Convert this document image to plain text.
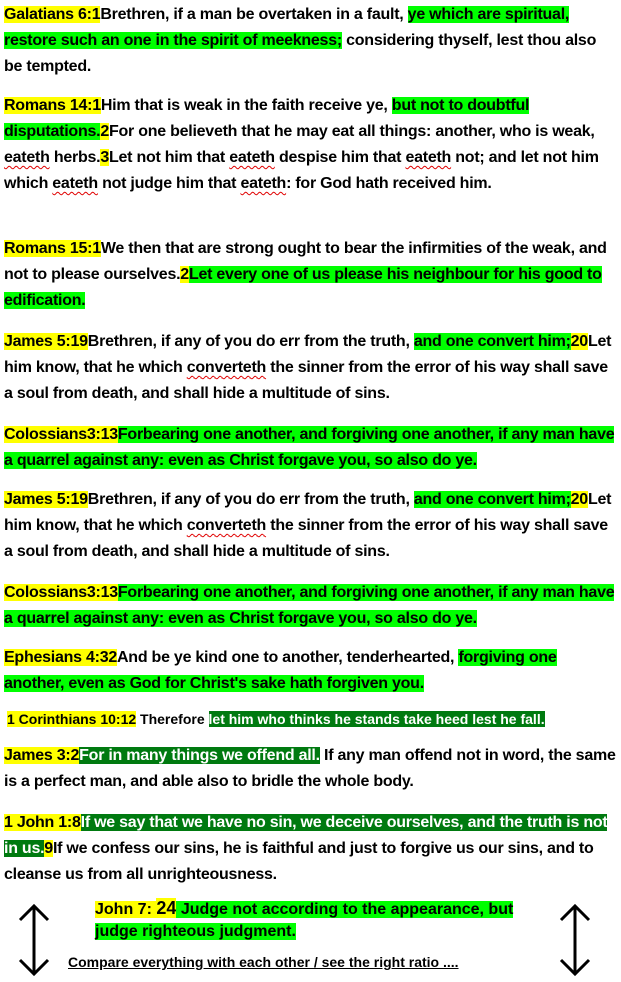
Galatians 6:1Brethren, if a man be overtaken in a fault, ye which are spiritual, restore such an one in the spirit of meekness; considering thyself, lest thou also be tempted.
Romans 14:1Him that is weak in the faith receive ye, but not to doubtful disputations.2For one believeth that he may eat all things: another, who is weak, eateth herbs.3Let not him that eateth despise him that eateth not; and let not him which eateth not judge him that eateth: for God hath received him.
Romans 15:1We then that are strong ought to bear the infirmities of the weak, and not to please ourselves.2Let every one of us please his neighbour for his good to edification.
James 5:19Brethren, if any of you do err from the truth, and one convert him;20Let him know, that he which converteth the sinner from the error of his way shall save a soul from death, and shall hide a multitude of sins.
Colossians3:13Forbearing one another, and forgiving one another, if any man have a quarrel against any: even as Christ forgave you, so also do ye.
James 5:19Brethren, if any of you do err from the truth, and one convert him;20Let him know, that he which converteth the sinner from the error of his way shall save a soul from death, and shall hide a multitude of sins.
Colossians3:13Forbearing one another, and forgiving one another, if any man have a quarrel against any: even as Christ forgave you, so also do ye.
Ephesians 4:32And be ye kind one to another, tenderhearted, forgiving one another, even as God for Christ's sake hath forgiven you.
James 3:2For in many things we offend all. If any man offend not in word, the same is a perfect man, and able also to bridle the whole body.
1 John 1:8If we say that we have no sin, we deceive ourselves, and the truth is not in us.9If we confess our sins, he is faithful and just to forgive us our sins, and to cleanse us from all unrighteousness.
1 Corinthians 10:12 Therefore let him who thinks he stands take heed lest he fall.
John 7: 24 Judge not according to the appearance, but judge righteous judgment.
Compare everything with each other / see the right ratio ....
